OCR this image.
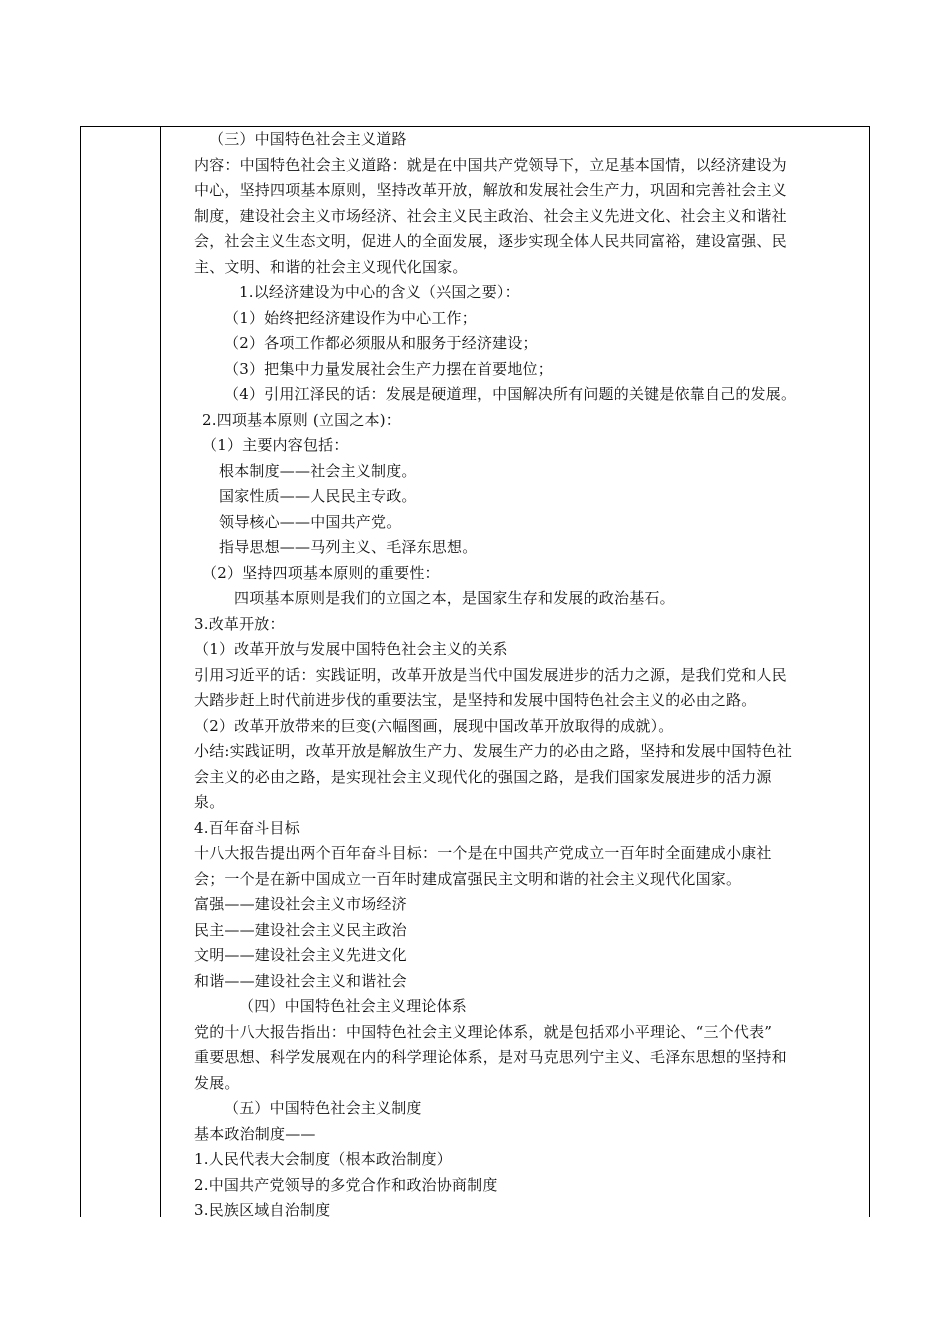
（三）中国特色社会主义道路
内容：中国特色社会主义道路：就是在中国共产党领导下，立足基本国情，以经济建设为
中心，坚持四项基本原则，坚持改革开放，解放和发展社会生产力，巩固和完善社会主义
制度，建设社会主义市场经济、社会主义民主政治、社会主义先进文化、社会主义和谐社
会，社会主义生态文明，促进人的全面发展，逐步实现全体人民共同富裕，建设富强、民
主、文明、和谐的社会主义现代化国家。
1.以经济建设为中心的含义（兴国之要）：
（1）始终把经济建设作为中心工作；
（2）各项工作都必须服从和服务于经济建设；
（3）把集中力量发展社会生产力摆在首要地位；
（4）引用江泽民的话：发展是硬道理，中国解决所有问题的关键是依靠自己的发展。
2.四项基本原则 (立国之本)：
（1）主要内容包括：
根本制度——社会主义制度。
国家性质——人民民主专政。
领导核心——中国共产党。
指导思想——马列主义、毛泽东思想。
（2）坚持四项基本原则的重要性：
四项基本原则是我们的立国之本，是国家生存和发展的政治基石。
3.改革开放：
（1）改革开放与发展中国特色社会主义的关系
引用习近平的话：实践证明，改革开放是当代中国发展进步的活力之源，是我们党和人民
大踏步赶上时代前进步伐的重要法宝，是坚持和发展中国特色社会主义的必由之路。
（2）改革开放带来的巨变(六幅图画，展现中国改革开放取得的成就）。
小结:实践证明，改革开放是解放生产力、发展生产力的必由之路，坚持和发展中国特色社
会主义的必由之路，是实现社会主义现代化的强国之路，是我们国家发展进步的活力源
泉。
4.百年奋斗目标
十八大报告提出两个百年奋斗目标：一个是在中国共产党成立一百年时全面建成小康社
会；一个是在新中国成立一百年时建成富强民主文明和谐的社会主义现代化国家。
富强——建设社会主义市场经济
民主——建设社会主义民主政治
文明——建设社会主义先进文化
和谐——建设社会主义和谐社会
（四）中国特色社会主义理论体系
党的十八大报告指出：中国特色社会主义理论体系，就是包括邓小平理论、“三个代表”
重要思想、科学发展观在内的科学理论体系，是对马克思列宁主义、毛泽东思想的坚持和
发展。
（五）中国特色社会主义制度
基本政治制度——
1.人民代表大会制度（根本政治制度）
2.中国共产党领导的多党合作和政治协商制度
3.民族区域自治制度
